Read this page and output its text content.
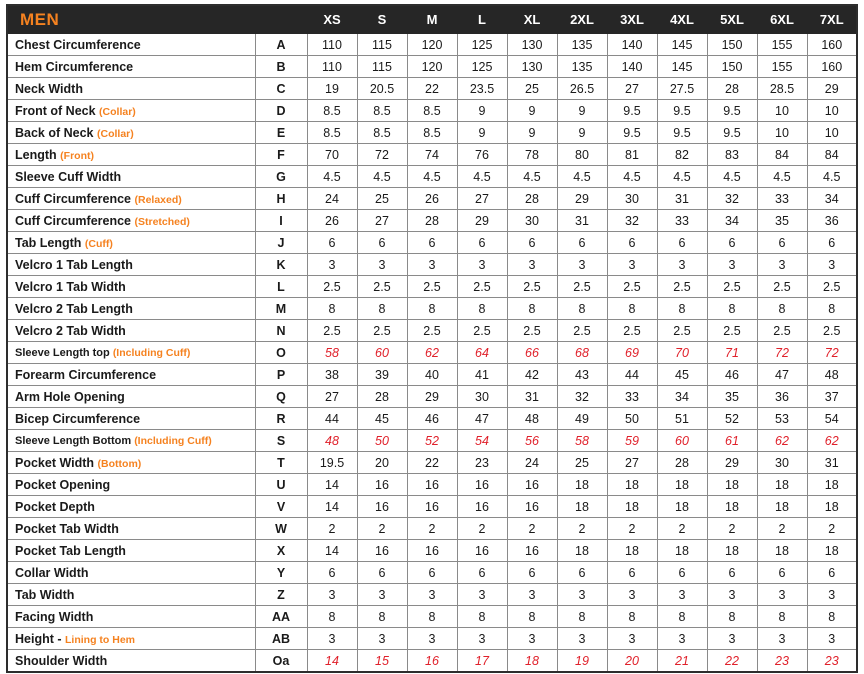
MEN		XS	S	M	L	XL	2XL	3XL	4XL	5XL	6XL	7XL
Chest Circumference	A	110	115	120	125	130	135	140	145	150	155	160
Hem Circumference	B	110	115	120	125	130	135	140	145	150	155	160
Neck Width	C	19	20.5	22	23.5	25	26.5	27	27.5	28	28.5	29
Front of Neck (Collar)	D	8.5	8.5	8.5	9	9	9	9.5	9.5	9.5	10	10
Back of Neck (Collar)	E	8.5	8.5	8.5	9	9	9	9.5	9.5	9.5	10	10
Length (Front)	F	70	72	74	76	78	80	81	82	83	84	84
Sleeve Cuff Width	G	4.5	4.5	4.5	4.5	4.5	4.5	4.5	4.5	4.5	4.5	4.5
Cuff Circumference (Relaxed)	H	24	25	26	27	28	29	30	31	32	33	34
Cuff Circumference (Stretched)	I	26	27	28	29	30	31	32	33	34	35	36
Tab Length (Cuff)	J	6	6	6	6	6	6	6	6	6	6	6
Velcro 1 Tab Length	K	3	3	3	3	3	3	3	3	3	3	3
Velcro 1 Tab Width	L	2.5	2.5	2.5	2.5	2.5	2.5	2.5	2.5	2.5	2.5	2.5
Velcro 2 Tab Length	M	8	8	8	8	8	8	8	8	8	8	8
Velcro 2 Tab Width	N	2.5	2.5	2.5	2.5	2.5	2.5	2.5	2.5	2.5	2.5	2.5
Sleeve Length top (Including Cuff)	O	58	60	62	64	66	68	69	70	71	72	72
Forearm Circumference	P	38	39	40	41	42	43	44	45	46	47	48
Arm Hole Opening	Q	27	28	29	30	31	32	33	34	35	36	37
Bicep Circumference	R	44	45	46	47	48	49	50	51	52	53	54
Sleeve Length Bottom (Including Cuff)	S	48	50	52	54	56	58	59	60	61	62	62
Pocket Width (Bottom)	T	19.5	20	22	23	24	25	27	28	29	30	31
Pocket Opening	U	14	16	16	16	16	18	18	18	18	18	18
Pocket Depth	V	14	16	16	16	16	18	18	18	18	18	18
Pocket Tab Width	W	2	2	2	2	2	2	2	2	2	2	2
Pocket Tab Length	X	14	16	16	16	16	18	18	18	18	18	18
Collar Width	Y	6	6	6	6	6	6	6	6	6	6	6
Tab Width	Z	3	3	3	3	3	3	3	3	3	3	3
Facing Width	AA	8	8	8	8	8	8	8	8	8	8	8
Height - Lining to Hem	AB	3	3	3	3	3	3	3	3	3	3	3
Shoulder Width	Oa	14	15	16	17	18	19	20	21	22	23	23
